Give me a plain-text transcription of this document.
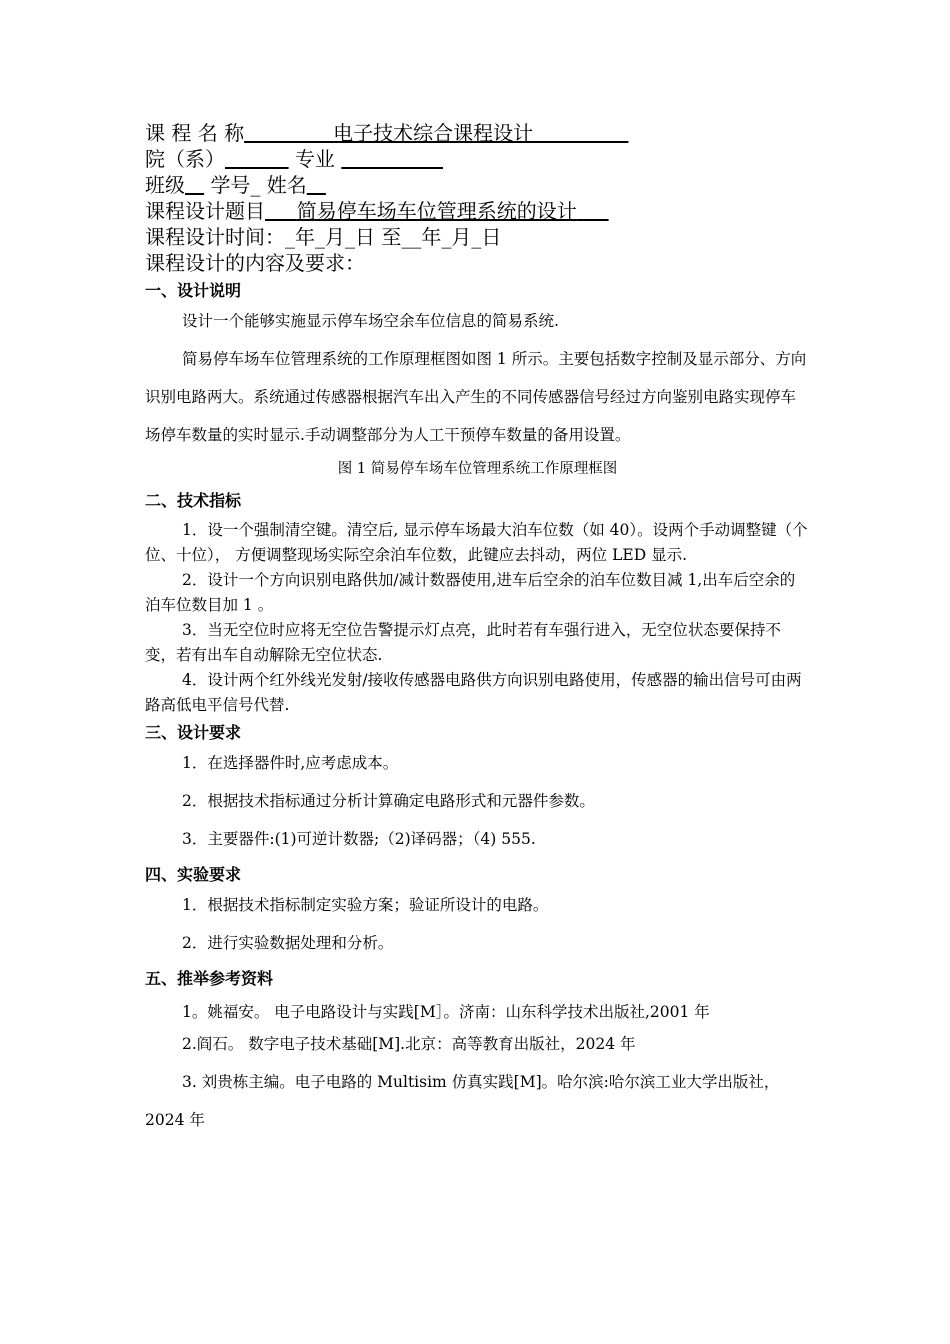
课 程 名 称	电子技术综合课程设计
院（系）	专业
班级 学号_ 姓名
课程设计题目 简易停车场车位管理系统的设计
课程设计时间：_年_月_日 至__年_月_日
课程设计的内容及要求：
一、设计说明
设计一个能够实施显示停车场空余车位信息的简易系统.
简易停车场车位管理系统的工作原理框图如图 1 所示。主要包括数字控制及显示部分、方向识别电路两大。系统通过传感器根据汽车出入产生的不同传感器信号经过方向鉴别电路实现停车场停车数量的实时显示.手动调整部分为人工干预停车数量的备用设置。
图 1 简易停车场车位管理系统工作原理框图
二、技术指标
1．设一个强制清空键。清空后, 显示停车场最大泊车位数（如 40）。设两个手动调整键（个位、十位）， 方便调整现场实际空余泊车位数，此键应去抖动，两位 LED 显示.
2．设计一个方向识别电路供加/减计数器使用,进车后空余的泊车位数目减 1,出车后空余的泊车位数目加 1 。
3．当无空位时应将无空位告警提示灯点亮，此时若有车强行进入，无空位状态要保持不变，若有出车自动解除无空位状态.
4．设计两个红外线光发射/接收传感器电路供方向识别电路使用，传感器的输出信号可由两路高低电平信号代替.
三、设计要求
1．在选择器件时,应考虑成本。
2．根据技术指标通过分析计算确定电路形式和元器件参数。
3．主要器件:(1)可逆计数器;（2)译码器；（4) 555.
四、实验要求
1．根据技术指标制定实验方案；验证所设计的电路。
2．进行实验数据处理和分析。
五、推举参考资料
1。姚福安。 电子电路设计与实践[M］。济南：山东科学技术出版社,2001 年
2.阎石。 数字电子技术基础[M].北京：高等教育出版社，2024 年
3. 刘贵栋主编。电子电路的 Multisim 仿真实践[M]。哈尔滨:哈尔滨工业大学出版社，2024 年
